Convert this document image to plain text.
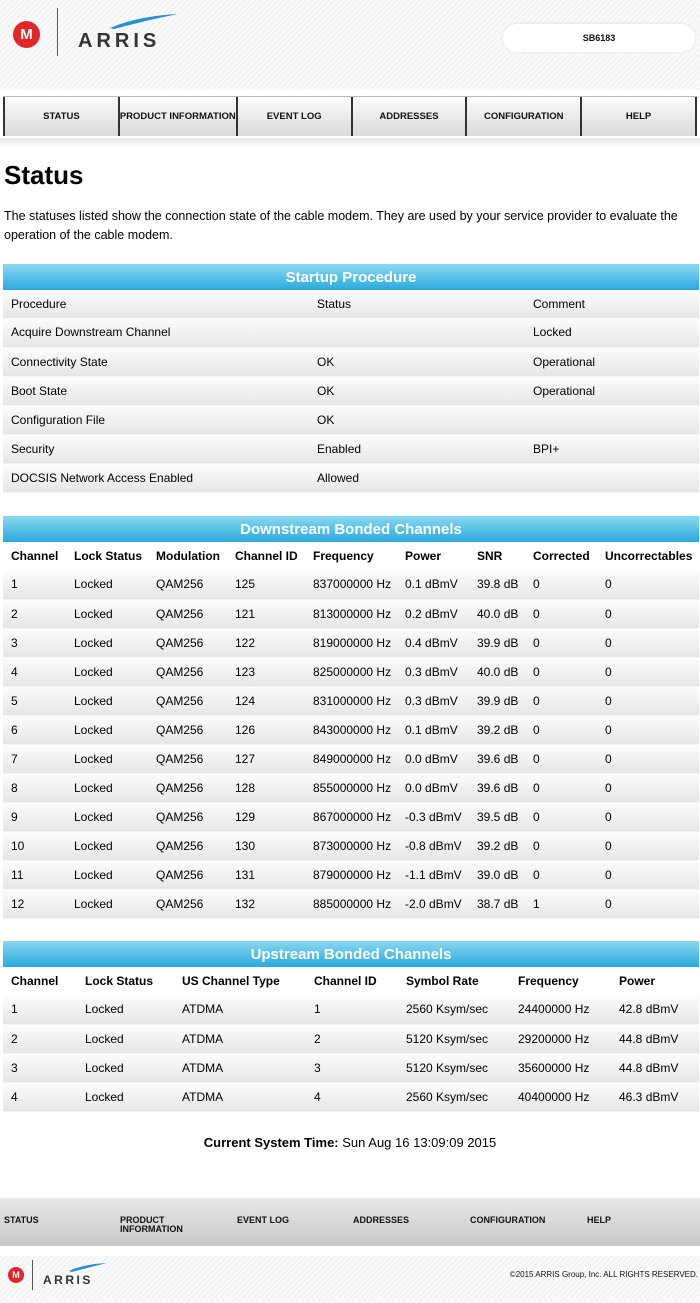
M	ARRIS	SB6183
STATUS	PRODUCT INFORMATION	EVENT LOG	ADDRESSES	CONFIGURATION	HELP
Status

The statuses listed show the connection state of the cable modem. They are used by your service provider to evaluate the operation of the cable modem.

Startup Procedure
Procedure	Status	Comment
Acquire Downstream Channel		Locked
Connectivity State	OK	Operational
Boot State	OK	Operational
Configuration File	OK	
Security	Enabled	BPI+
DOCSIS Network Access Enabled	Allowed	
Downstream Bonded Channels
Channel	Lock Status	Modulation	Channel ID	Frequency	Power	SNR	Corrected	Uncorrectables
1	Locked	QAM256	125	837000000 Hz	0.1 dBmV	39.8 dB	0	0
2	Locked	QAM256	121	813000000 Hz	0.2 dBmV	40.0 dB	0	0
3	Locked	QAM256	122	819000000 Hz	0.4 dBmV	39.9 dB	0	0
4	Locked	QAM256	123	825000000 Hz	0.3 dBmV	40.0 dB	0	0
5	Locked	QAM256	124	831000000 Hz	0.3 dBmV	39.9 dB	0	0
6	Locked	QAM256	126	843000000 Hz	0.1 dBmV	39.2 dB	0	0
7	Locked	QAM256	127	849000000 Hz	0.0 dBmV	39.6 dB	0	0
8	Locked	QAM256	128	855000000 Hz	0.0 dBmV	39.6 dB	0	0
9	Locked	QAM256	129	867000000 Hz	-0.3 dBmV	39.5 dB	0	0
10	Locked	QAM256	130	873000000 Hz	-0.8 dBmV	39.2 dB	0	0
11	Locked	QAM256	131	879000000 Hz	-1.1 dBmV	39.0 dB	0	0
12	Locked	QAM256	132	885000000 Hz	-2.0 dBmV	38.7 dB	1	0
Upstream Bonded Channels
Channel	Lock Status	US Channel Type	Channel ID	Symbol Rate	Frequency	Power
1	Locked	ATDMA	1	2560 Ksym/sec	24400000 Hz	42.8 dBmV
2	Locked	ATDMA	2	5120 Ksym/sec	29200000 Hz	44.8 dBmV
3	Locked	ATDMA	3	5120 Ksym/sec	35600000 Hz	44.8 dBmV
4	Locked	ATDMA	4	2560 Ksym/sec	40400000 Hz	46.3 dBmV
Current System Time: Sun Aug 16 13:09:09 2015
STATUS	PRODUCT
INFORMATION
EVENT LOG	ADDRESSES	CONFIGURATION	HELP
M	ARRIS	©2015 ARRIS Group, Inc. ALL RIGHTS RESERVED.
